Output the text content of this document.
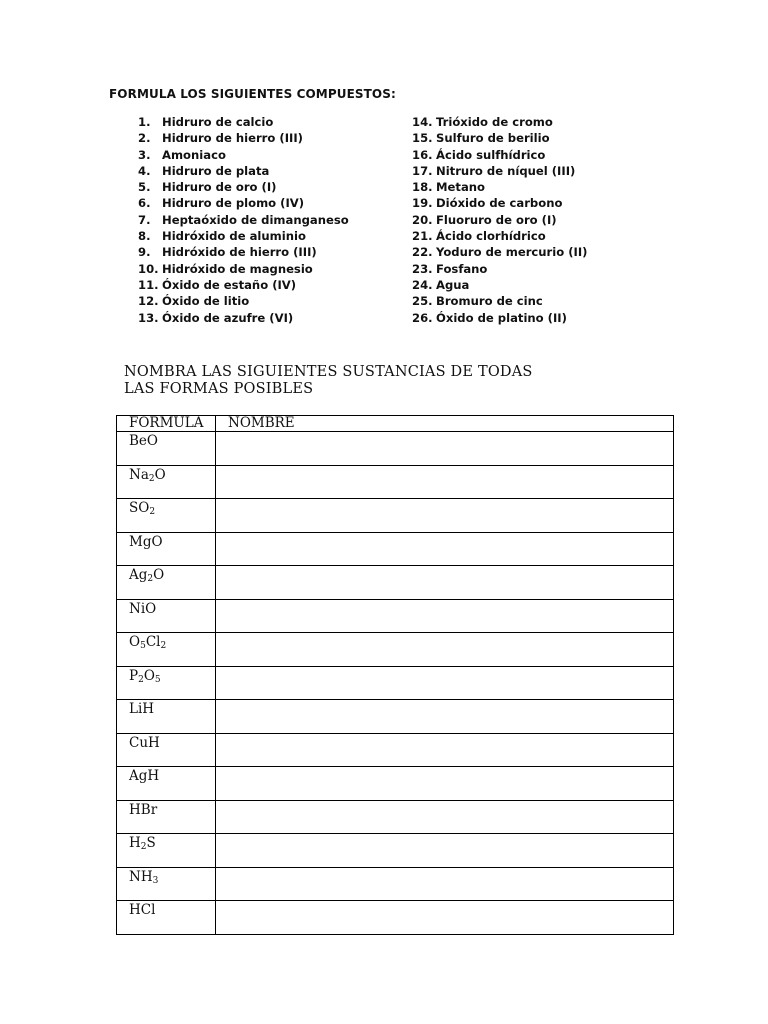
FORMULA LOS SIGUIENTES COMPUESTOS:
1. Hidruro de calcio
2. Hidruro de hierro (III)
3. Amoniaco
4. Hidruro de plata
5. Hidruro de oro (I)
6. Hidruro de plomo (IV)
7. Heptaóxido de dimanganeso
8. Hidróxido de aluminio
9. Hidróxido de hierro (III)
10. Hidróxido de magnesio
11. Óxido de estaño (IV)
12. Óxido de litio
13. Óxido de azufre (VI)
14. Trióxido de cromo
15. Sulfuro de berilio
16. Ácido sulfhídrico
17. Nitruro de níquel (III)
18. Metano
19. Dióxido de carbono
20. Fluoruro de oro (I)
21. Ácido clorhídrico
22. Yoduro de mercurio (II)
23. Fosfano
24. Agua
25. Bromuro de cinc
26. Óxido de platino (II)
NOMBRA LAS SIGUIENTES SUSTANCIAS DE TODAS LAS FORMAS POSIBLES
FORMULA	NOMBRE
BeO	
$Na_2O$	
$SO_2$	
MgO	
$Ag_2O$	
NiO	
$O_5Cl_2$	
$P_2O_5$	
LiH	
CuH	
AgH	
HBr	
$H_2S$	
$NH_3$	
HCl	
